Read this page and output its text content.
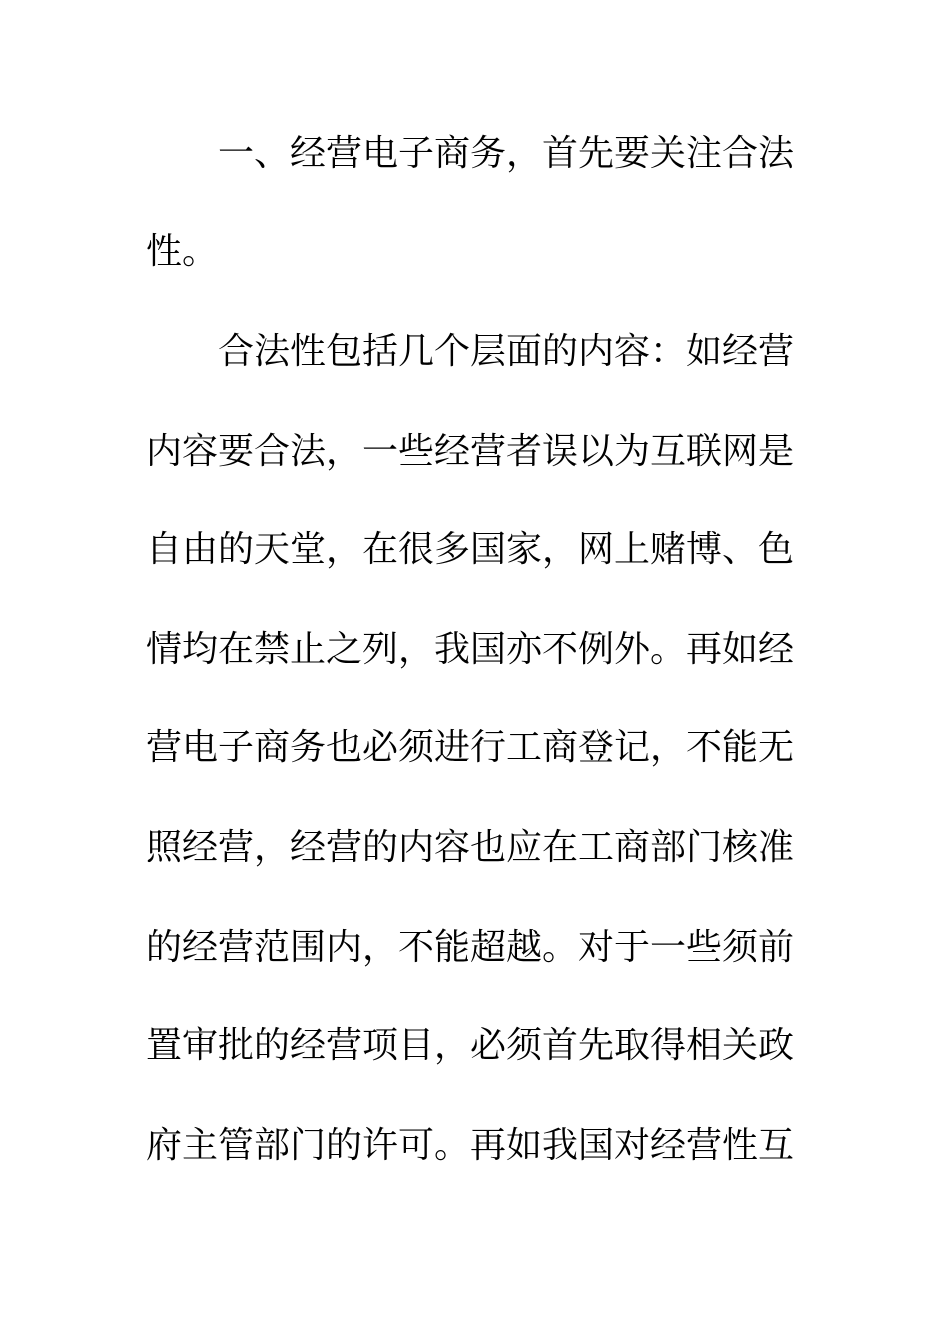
一、经营电子商务，首先要关注合法
性。
合法性包括几个层面的内容：如经营
内容要合法，一些经营者误以为互联网是
自由的天堂，在很多国家，网上赌博、色
情均在禁止之列，我国亦不例外。再如经
营电子商务也必须进行工商登记，不能无
照经营，经营的内容也应在工商部门核准
的经营范围内，不能超越。对于一些须前
置审批的经营项目，必须首先取得相关政
府主管部门的许可。再如我国对经营性互
